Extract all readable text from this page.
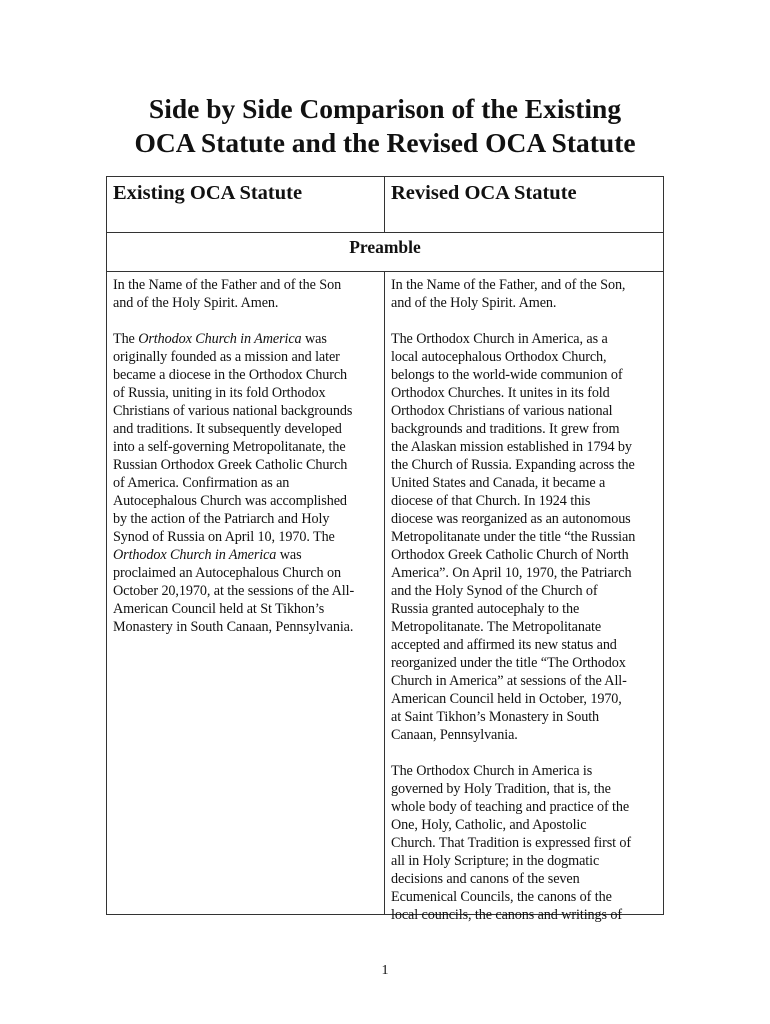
Side by Side Comparison of the Existing
OCA Statute and the Revised OCA Statute
Existing OCA Statute	Revised OCA Statute
Preamble
In the Name of the Father and of the Son
and of the Holy Spirit. Amen.
The Orthodox Church in America was
originally founded as a mission and later
became a diocese in the Orthodox Church
of Russia, uniting in its fold Orthodox
Christians of various national backgrounds
and traditions. It subsequently developed
into a self-governing Metropolitanate, the
Russian Orthodox Greek Catholic Church
of America. Confirmation as an
Autocephalous Church was accomplished
by the action of the Patriarch and Holy
Synod of Russia on April 10, 1970. The
Orthodox Church in America was
proclaimed an Autocephalous Church on
October 20,1970, at the sessions of the All-
American Council held at St Tikhon’s
Monastery in South Canaan, Pennsylvania.
In the Name of the Father, and of the Son,
and of the Holy Spirit. Amen.
The Orthodox Church in America, as a
local autocephalous Orthodox Church,
belongs to the world-wide communion of
Orthodox Churches. It unites in its fold
Orthodox Christians of various national
backgrounds and traditions. It grew from
the Alaskan mission established in 1794 by
the Church of Russia. Expanding across the
United States and Canada, it became a
diocese of that Church. In 1924 this
diocese was reorganized as an autonomous
Metropolitanate under the title “the Russian
Orthodox Greek Catholic Church of North
America”. On April 10, 1970, the Patriarch
and the Holy Synod of the Church of
Russia granted autocephaly to the
Metropolitanate. The Metropolitanate
accepted and affirmed its new status and
reorganized under the title “The Orthodox
Church in America” at sessions of the All-
American Council held in October, 1970,
at Saint Tikhon’s Monastery in South
Canaan, Pennsylvania.
The Orthodox Church in America is
governed by Holy Tradition, that is, the
whole body of teaching and practice of the
One, Holy, Catholic, and Apostolic
Church. That Tradition is expressed first of
all in Holy Scripture; in the dogmatic
decisions and canons of the seven
Ecumenical Councils, the canons of the
local councils, the canons and writings of
1
